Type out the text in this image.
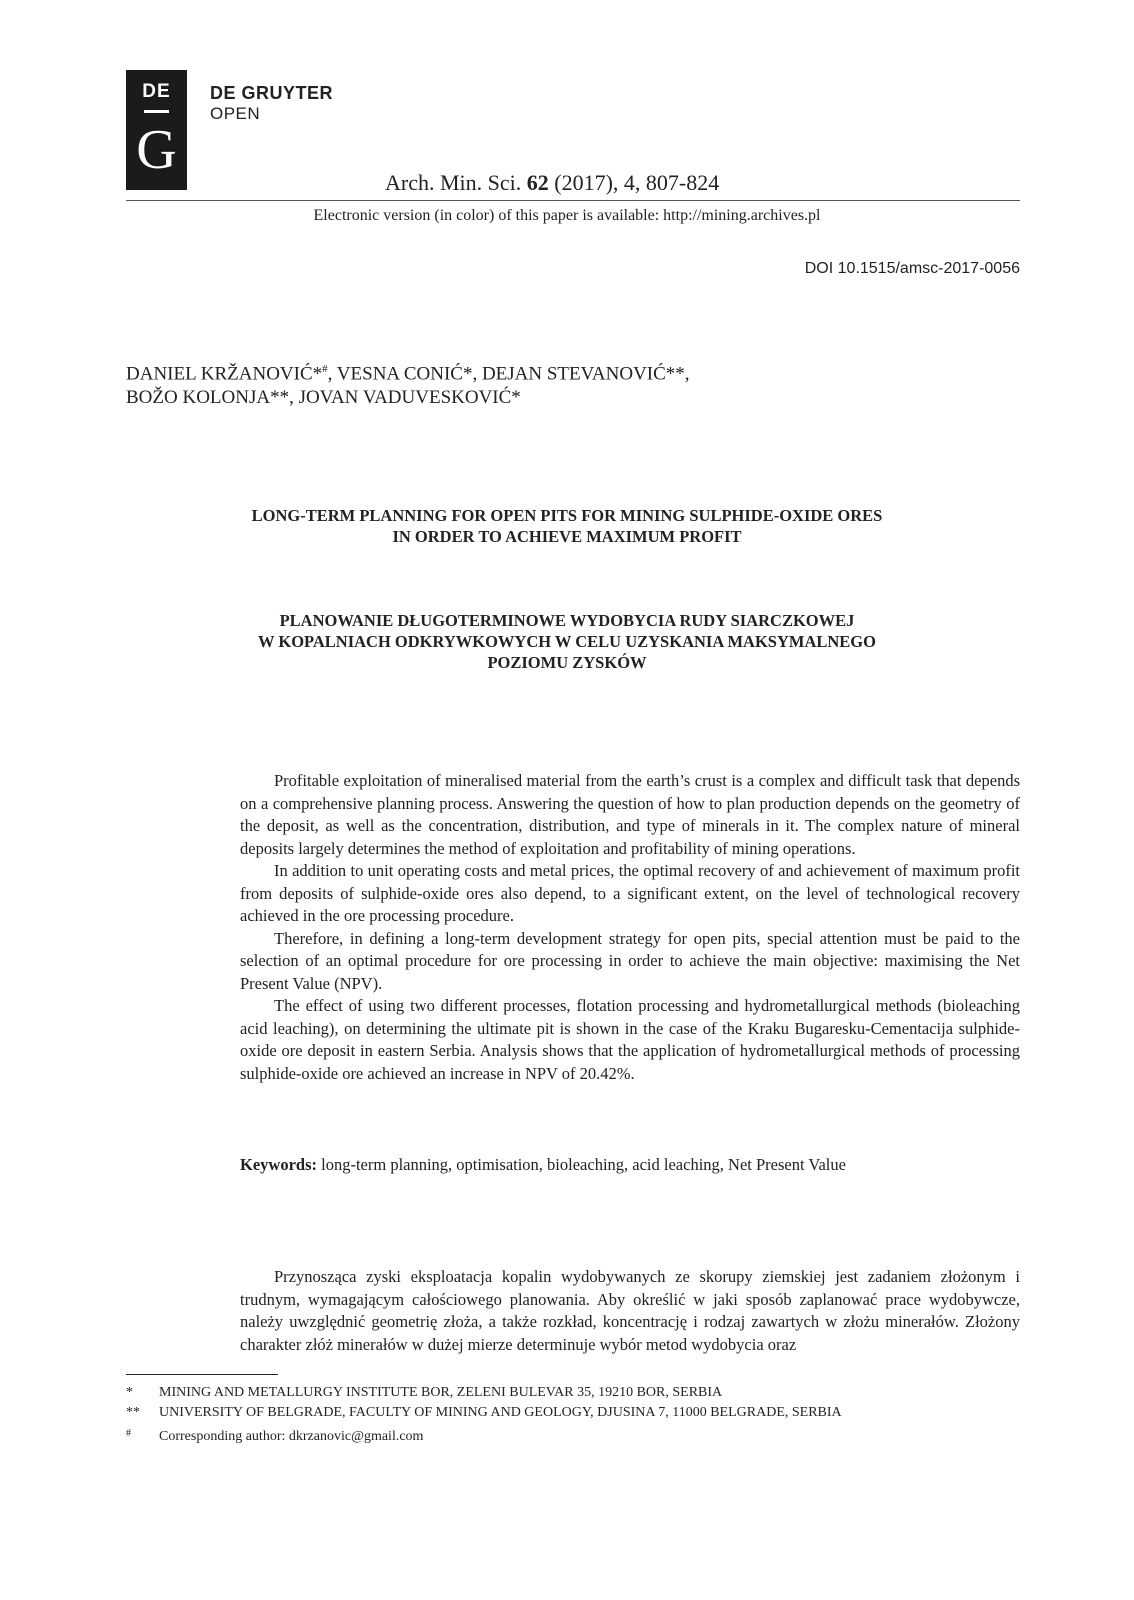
DE
G
DE GRUYTER
OPEN
Arch. Min. Sci. 62 (2017), 4, 807-824
Electronic version (in color) of this paper is available: http://mining.archives.pl
DOI 10.1515/amsc-2017-0056
DANIEL KRŽANOVIĆ*#, VESNA CONIĆ*, DEJAN STEVANOVIĆ**,
BOŽO KOLONJA**, JOVAN VADUVESKOVIĆ*
LONG-TERM PLANNING FOR OPEN PITS FOR MINING SULPHIDE-OXIDE ORES
IN ORDER TO ACHIEVE MAXIMUM PROFIT
PLANOWANIE DŁUGOTERMINOWE WYDOBYCIA RUDY SIARCZKOWEJ
W KOPALNIACH ODKRYWKOWYCH W CELU UZYSKANIA MAKSYMALNEGO
POZIOMU ZYSKÓW

Profitable exploitation of mineralised material from the earth’s crust is a complex and difficult task that depends on a comprehensive planning process. Answering the question of how to plan production depends on the geometry of the deposit, as well as the concentration, distribution, and type of minerals in it. The complex nature of mineral deposits largely determines the method of exploitation and profitability of mining operations.

In addition to unit operating costs and metal prices, the optimal recovery of and achievement of maximum profit from deposits of sulphide-oxide ores also depend, to a significant extent, on the level of technological recovery achieved in the ore processing procedure.

Therefore, in defining a long-term development strategy for open pits, special attention must be paid to the selection of an optimal procedure for ore processing in order to achieve the main objective: maximising the Net Present Value (NPV).

The effect of using two different processes, flotation processing and hydrometallurgical methods (bioleaching acid leaching), on determining the ultimate pit is shown in the case of the Kraku Bugaresku-Cementacija sulphide-oxide ore deposit in eastern Serbia. Analysis shows that the application of hydrometallurgical methods of processing sulphide-oxide ore achieved an increase in NPV of 20.42%.

Keywords: long-term planning, optimisation, bioleaching, acid leaching, Net Present Value

Przynosząca zyski eksploatacja kopalin wydobywanych ze skorupy ziemskiej jest zadaniem złożonym i trudnym, wymagającym całościowego planowania. Aby określić w jaki sposób zaplanować prace wydobywcze, należy uwzględnić geometrię złoża, a także rozkład, koncentrację i rodzaj zawartych w złożu minerałów. Złożony charakter złóż minerałów w dużej mierze determinuje wybór metod wydobycia oraz

* MINING AND METALLURGY INSTITUTE BOR, ZELENI BULEVAR 35, 19210 BOR, SERBIA
** UNIVERSITY OF BELGRADE, FACULTY OF MINING AND GEOLOGY, DJUSINA 7, 11000 BELGRADE, SERBIA
# Corresponding author: dkrzanovic@gmail.com
